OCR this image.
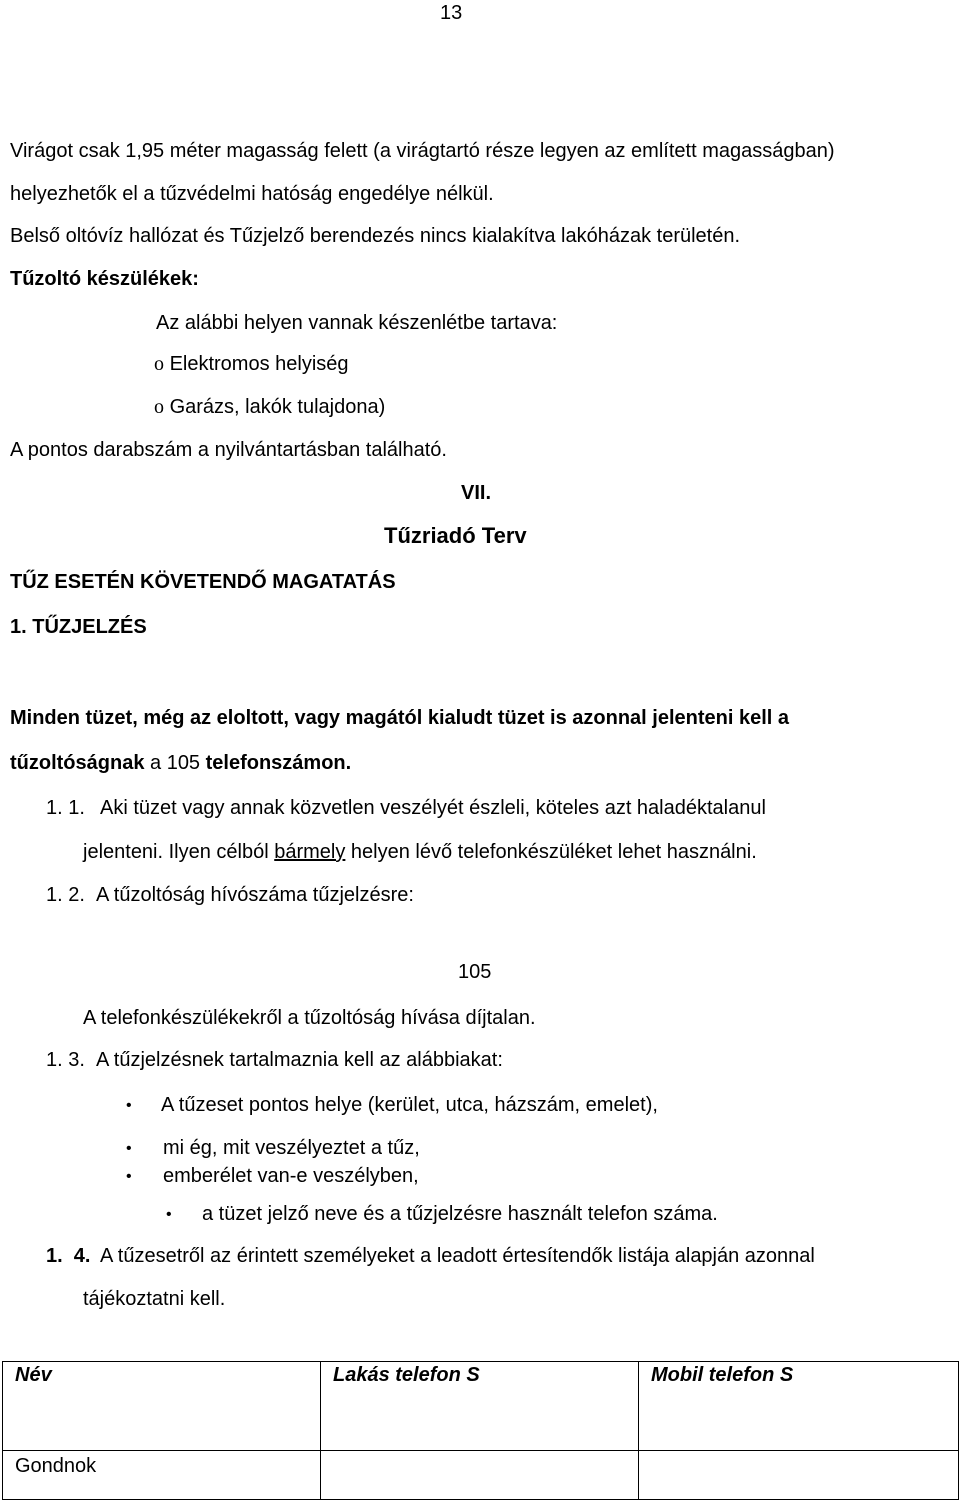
13
Virágot csak 1,95 méter magasság felett (a virágtartó része legyen az említett magasságban)
helyezhetők el a tűzvédelmi hatóság engedélye nélkül.
Belső oltóvíz hallózat és Tűzjelző berendezés nincs kialakítva lakóházak területén.
Tűzoltó készülékek:
Az alábbi helyen vannak készenlétbe tartava:
o Elektromos helyiség
o Garázs, lakók tulajdona)
A pontos darabszám a nyilvántartásban található.
VII.
Tűzriadó Terv
TŰZ ESETÉN KÖVETENDŐ MAGATATÁS
1. TŰZJELZÉS
Minden tüzet, még az eloltott, vagy magától kialudt tüzet is azonnal jelenteni kell a
tűzoltóságnak a 105 telefonszámon.
1. 1. Aki tüzet vagy annak közvetlen veszélyét észleli, köteles azt haladéktalanul
jelenteni. Ilyen célból bármely helyen lévő telefonkészüléket lehet használni.
1. 2. A tűzoltóság hívószáma tűzjelzésre:
105
A telefonkészülékekről a tűzoltóság hívása díjtalan.
1. 3. A tűzjelzésnek tartalmaznia kell az alábbiakat:
• A tűzeset pontos helye (kerület, utca, házszám, emelet),
• mi ég, mit veszélyeztet a tűz,
• emberélet van-e veszélyben,
• a tüzet jelző neve és a tűzjelzésre használt telefon száma.
1.  4. A tűzesetről az érintett személyeket a leadott értesítendők listája alapján azonnal
tájékoztatni kell.
Név	Lakás telefon S	Mobil telefon S

Gondnok		
